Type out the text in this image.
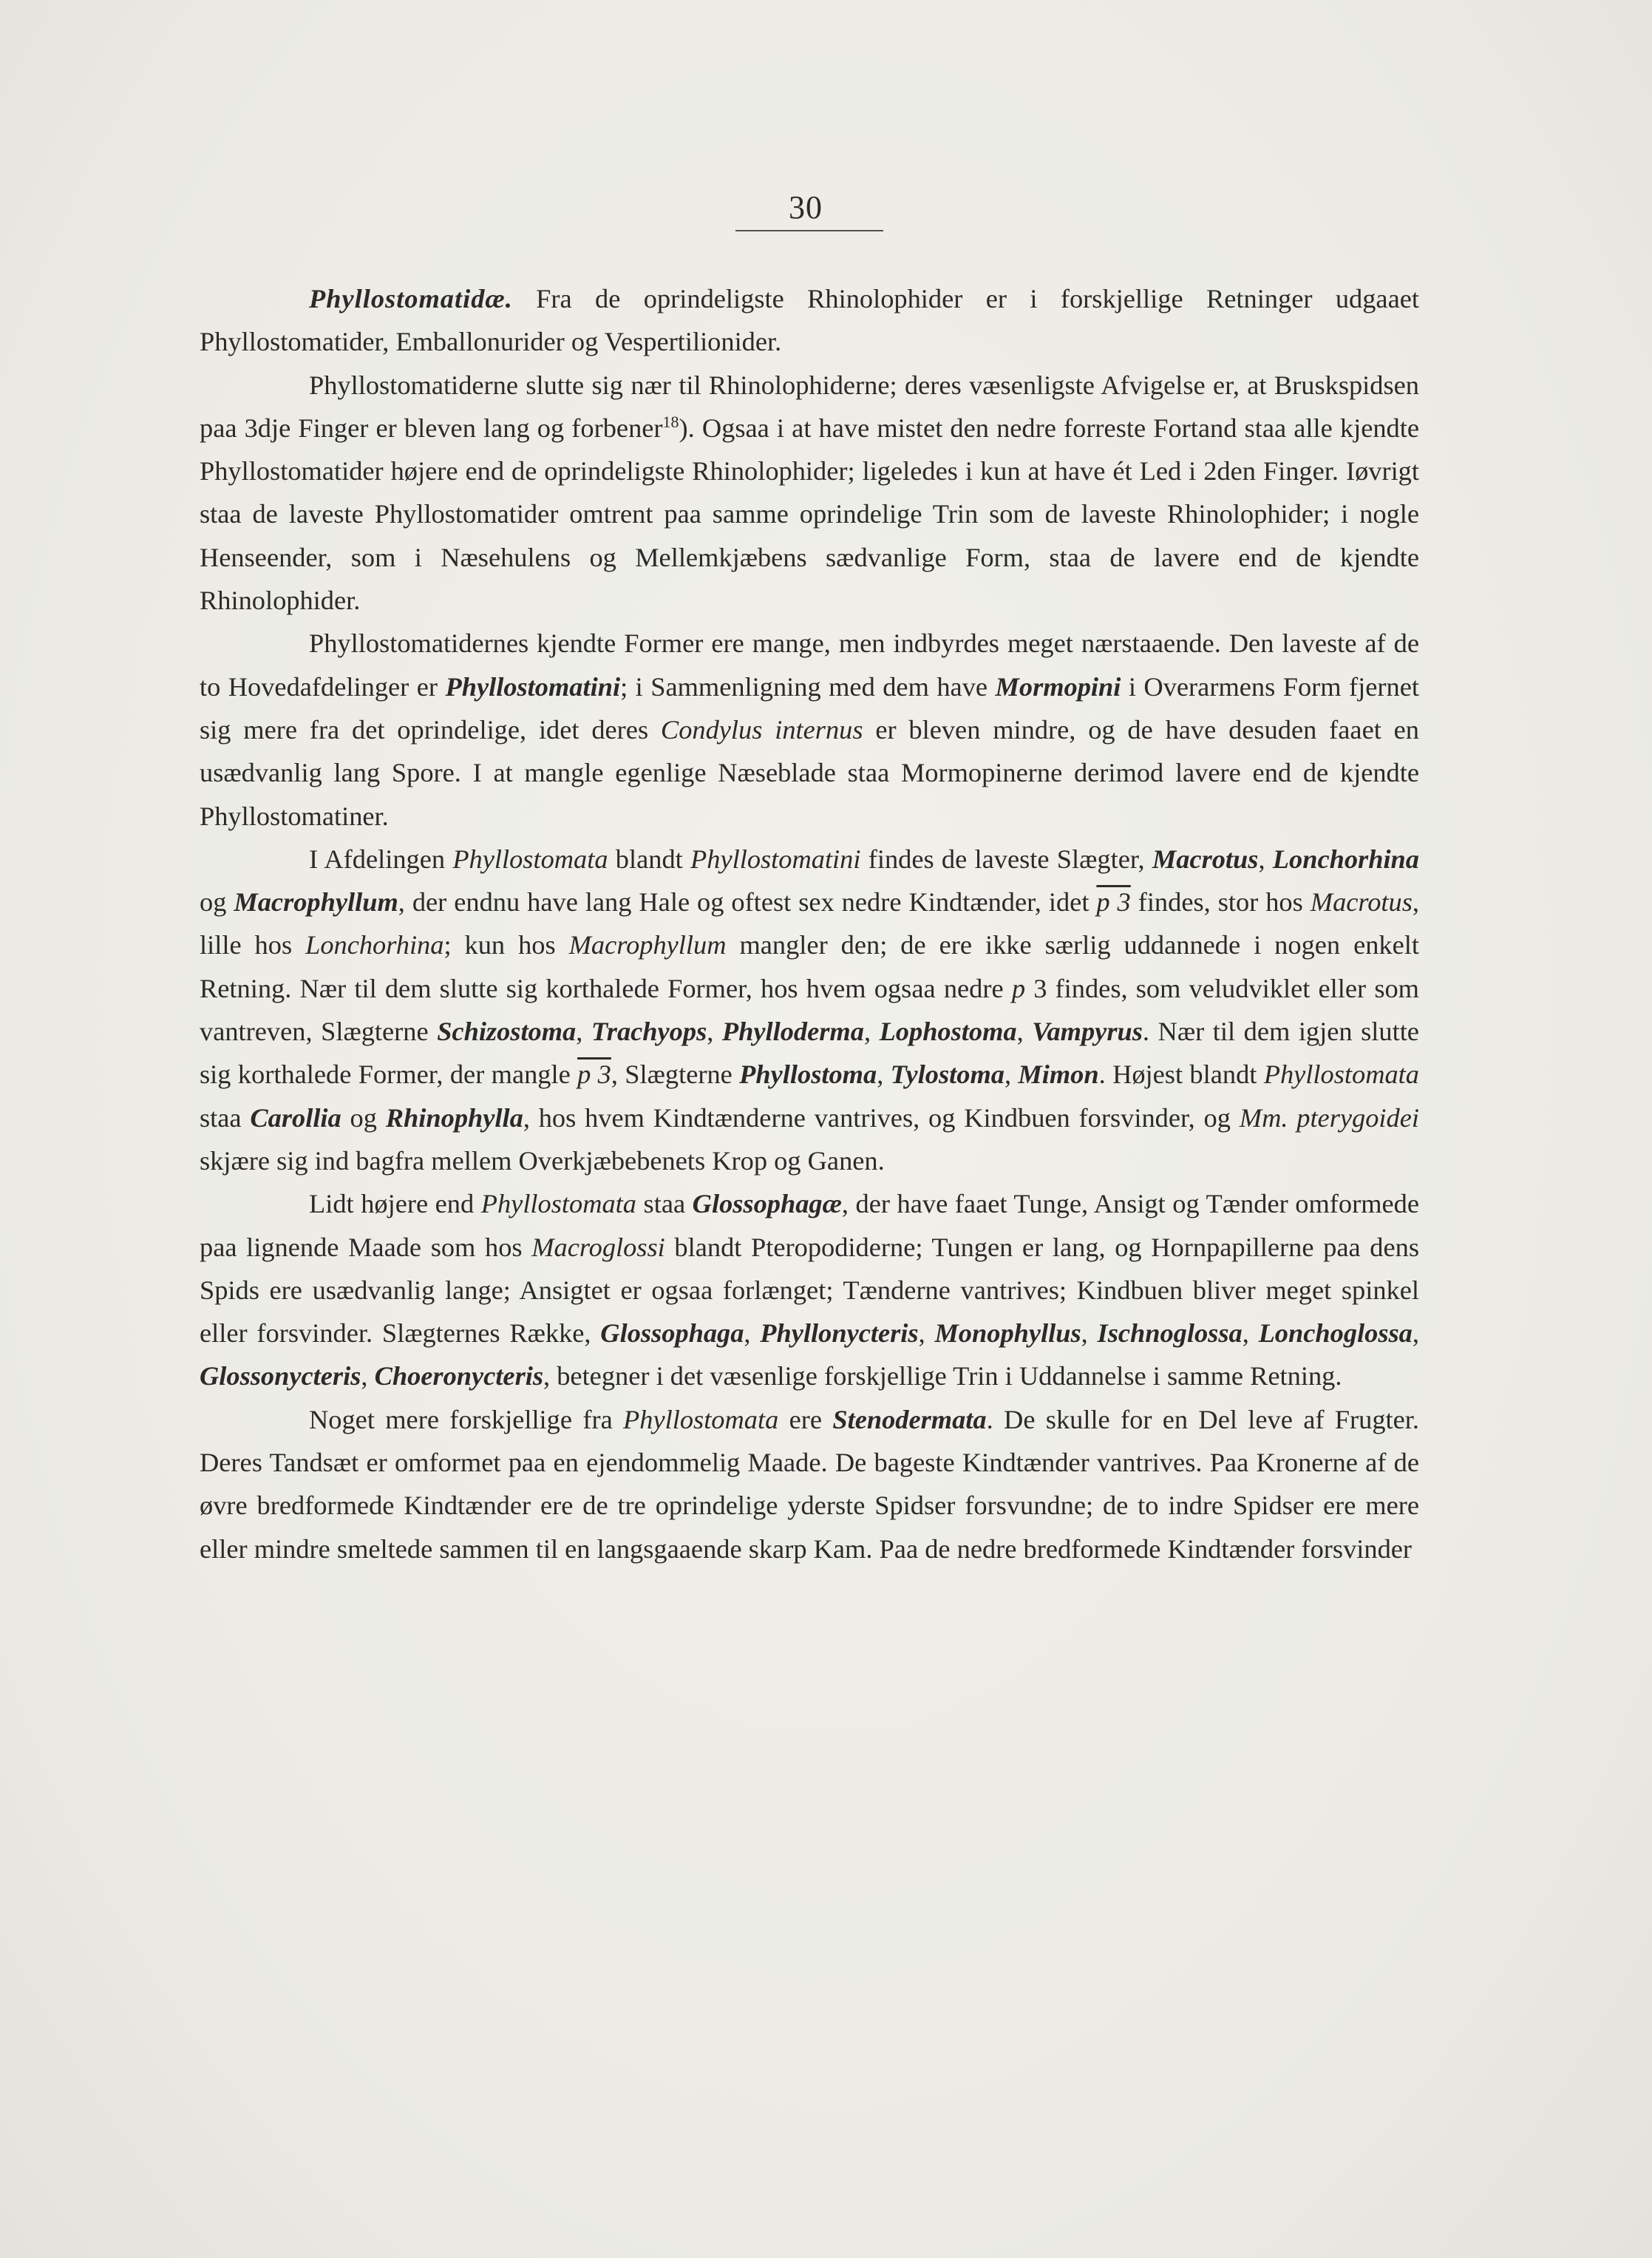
30

Phyllostomatidæ. Fra de oprindeligste Rhinolophider er i forskjellige Retninger udgaaet Phyllostomatider, Emballonurider og Vespertilionider.

Phyllostomatiderne slutte sig nær til Rhinolophiderne; deres væsenligste Afvigelse er, at Bruskspidsen paa 3dje Finger er bleven lang og forbener$^{18}$). Ogsaa i at have mistet den nedre forreste Fortand staa alle kjendte Phyllostomatider højere end de oprindeligste Rhinolophider; ligeledes i kun at have ét Led i 2den Finger. Iøvrigt staa de laveste Phyllostomatider omtrent paa samme oprindelige Trin som de laveste Rhinolophider; i nogle Henseender, som i Næsehulens og Mellemkjæbens sædvanlige Form, staa de lavere end de kjendte Rhinolophider.

Phyllostomatidernes kjendte Former ere mange, men indbyrdes meget nærstaaende. Den laveste af de to Hovedafdelinger er Phyllostomatini; i Sammenligning med dem have Mormopini i Overarmens Form fjernet sig mere fra det oprindelige, idet deres Condylus internus er bleven mindre, og de have desuden faaet en usædvanlig lang Spore. I at mangle egenlige Næseblade staa Mormopinerne derimod lavere end de kjendte Phyllostomatiner.

I Afdelingen Phyllostomata blandt Phyllostomatini findes de laveste Slægter, Macrotus, Lonchorhina og Macrophyllum, der endnu have lang Hale og oftest sex nedre Kindtænder, idet p 3 findes, stor hos Macrotus, lille hos Lonchorhina; kun hos Macrophyllum mangler den; de ere ikke særlig uddannede i nogen enkelt Retning. Nær til dem slutte sig korthalede Former, hos hvem ogsaa nedre p 3 findes, som veludviklet eller som vantreven, Slægterne Schizostoma, Trachyops, Phylloderma, Lophostoma, Vampyrus. Nær til dem igjen slutte sig korthalede Former, der mangle p 3, Slægterne Phyllostoma, Tylostoma, Mimon. Højest blandt Phyllostomata staa Carollia og Rhinophylla, hos hvem Kindtænderne vantrives, og Kindbuen forsvinder, og Mm. pterygoidei skjære sig ind bagfra mellem Overkjæbebenets Krop og Ganen.

Lidt højere end Phyllostomata staa Glossophagæ, der have faaet Tunge, Ansigt og Tænder omformede paa lignende Maade som hos Macroglossi blandt Pteropodiderne; Tungen er lang, og Hornpapillerne paa dens Spids ere usædvanlig lange; Ansigtet er ogsaa forlænget; Tænderne vantrives; Kindbuen bliver meget spinkel eller forsvinder. Slægternes Række, Glossophaga, Phyllonycteris, Monophyllus, Ischnoglossa, Lonchoglossa, Glossonycteris, Choeronycteris, betegner i det væsenlige forskjellige Trin i Uddannelse i samme Retning.

Noget mere forskjellige fra Phyllostomata ere Stenodermata. De skulle for en Del leve af Frugter. Deres Tandsæt er omformet paa en ejendommelig Maade. De bageste Kindtænder vantrives. Paa Kronerne af de øvre bredformede Kindtænder ere de tre oprindelige yderste Spidser forsvundne; de to indre Spidser ere mere eller mindre smeltede sammen til en langsgaaende skarp Kam. Paa de nedre bredformede Kindtænder forsvinder
